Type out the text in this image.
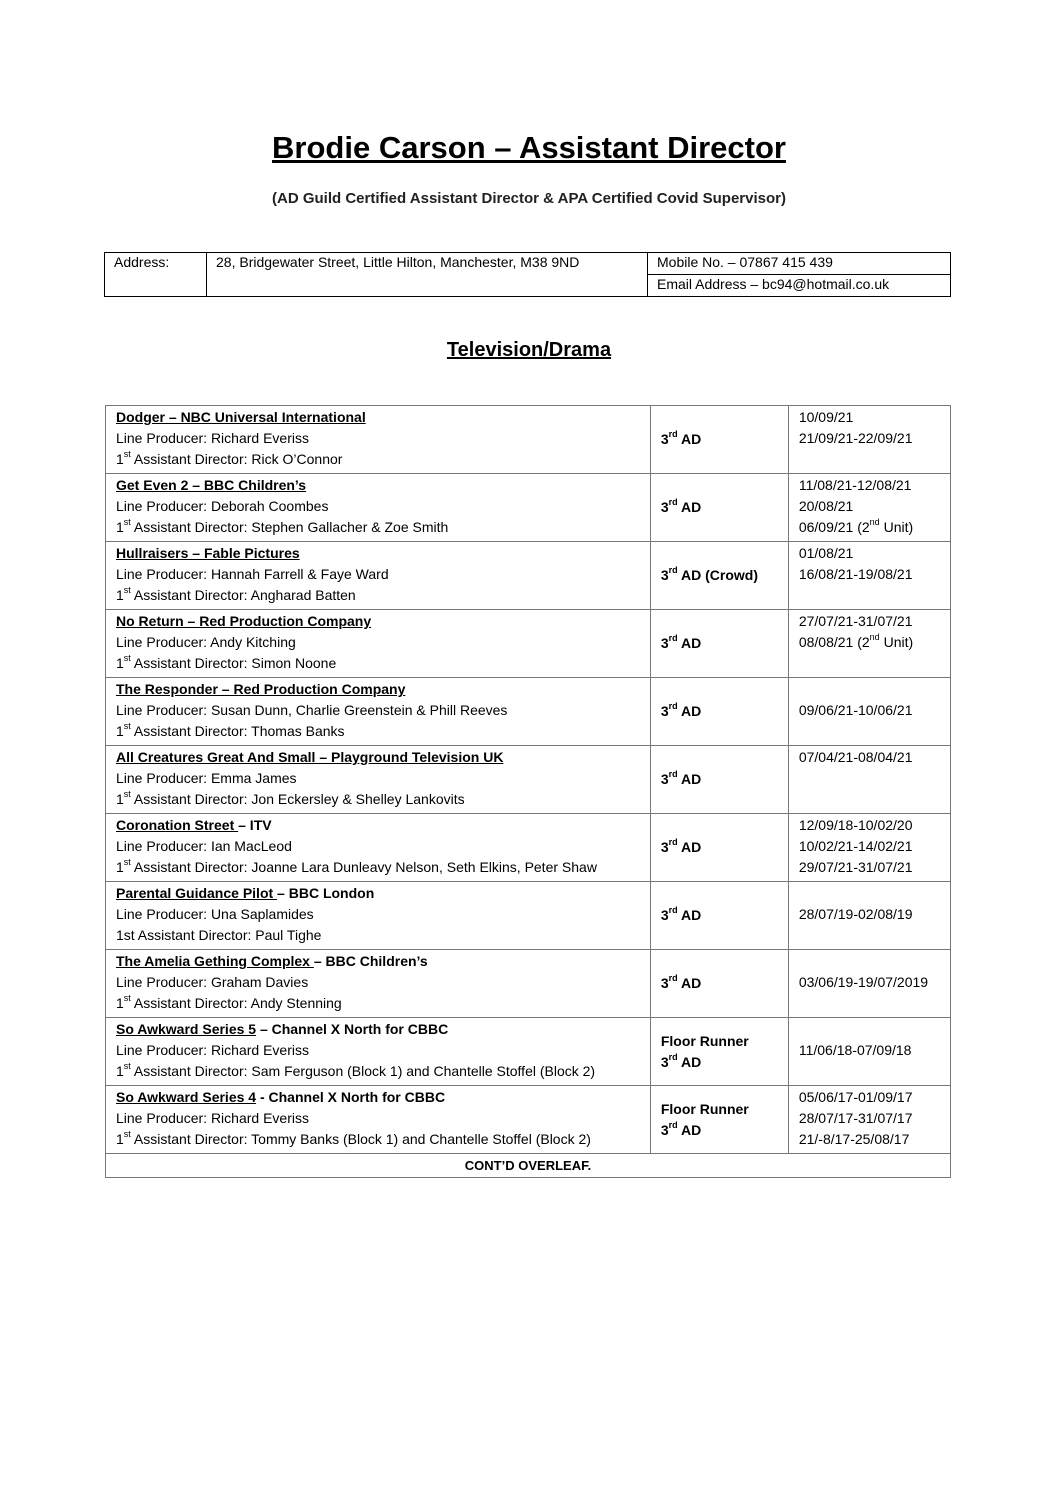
Brodie Carson – Assistant Director
(AD Guild Certified Assistant Director & APA Certified Covid Supervisor)
Address:	28, Bridgewater Street, Little Hilton, Manchester, M38 9ND	Mobile No. – 07867 415 439
Email Address – bc94@hotmail.co.uk
Television/Drama
Dodger – NBC Universal International
Line Producer: Richard Everiss
1st Assistant Director: Rick O’Connor	3rd AD	10/09/21
21/09/21-22/09/21

Get Even 2 – BBC Children’s
Line Producer: Deborah Coombes
1st Assistant Director: Stephen Gallacher & Zoe Smith	3rd AD	11/08/21-12/08/21
20/08/21
06/09/21 (2nd Unit)

Hullraisers – Fable Pictures
Line Producer: Hannah Farrell & Faye Ward
1st Assistant Director: Angharad Batten	3rd AD (Crowd)	01/08/21
16/08/21-19/08/21

No Return – Red Production Company
Line Producer: Andy Kitching
1st Assistant Director: Simon Noone	3rd AD	27/07/21-31/07/21
08/08/21 (2nd Unit)

The Responder – Red Production Company
Line Producer: Susan Dunn, Charlie Greenstein & Phill Reeves
1st Assistant Director: Thomas Banks	3rd AD	09/06/21-10/06/21

All Creatures Great And Small – Playground Television UK
Line Producer: Emma James
1st Assistant Director: Jon Eckersley & Shelley Lankovits	3rd AD	07/04/21-08/04/21

Coronation Street – ITV
Line Producer: Ian MacLeod
1st Assistant Director: Joanne Lara Dunleavy Nelson, Seth Elkins, Peter Shaw	3rd AD	12/09/18-10/02/20
10/02/21-14/02/21
29/07/21-31/07/21

Parental Guidance Pilot – BBC London
Line Producer: Una Saplamides
1st Assistant Director: Paul Tighe	3rd AD	28/07/19-02/08/19

The Amelia Gething Complex – BBC Children’s
Line Producer: Graham Davies
1st Assistant Director: Andy Stenning	3rd AD	03/06/19-19/07/2019

So Awkward Series 5 – Channel X North for CBBC
Line Producer: Richard Everiss
1st Assistant Director: Sam Ferguson (Block 1) and Chantelle Stoffel (Block 2)	Floor Runner
3rd AD	11/06/18-07/09/18

So Awkward Series 4 - Channel X North for CBBC
Line Producer: Richard Everiss
1st Assistant Director: Tommy Banks (Block 1) and Chantelle Stoffel (Block 2)	Floor Runner
3rd AD	05/06/17-01/09/17
28/07/17-31/07/17
21/-8/17-25/08/17

CONT’D OVERLEAF.		
